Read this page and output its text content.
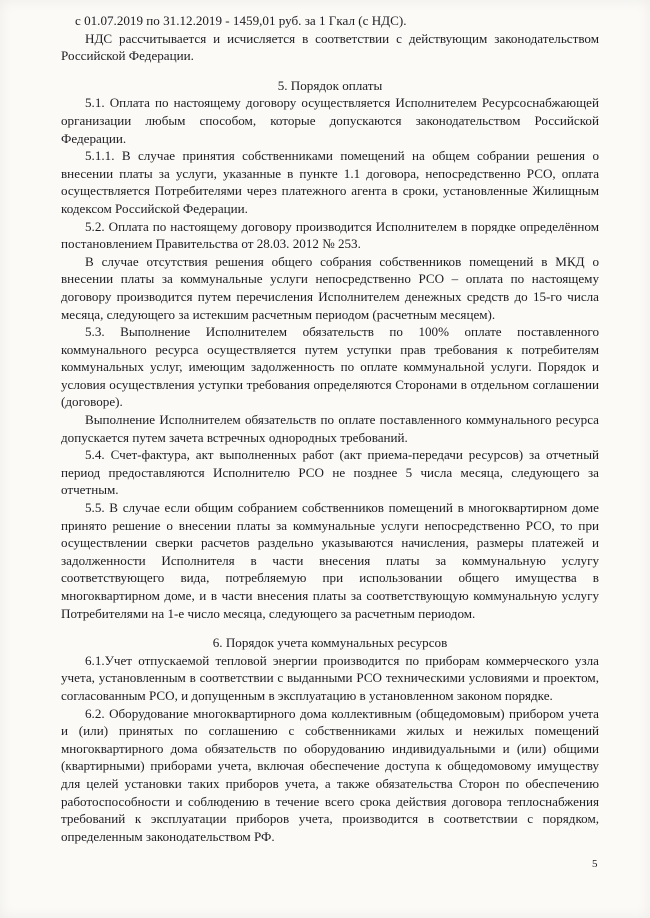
с 01.07.2019 по 31.12.2019 - 1459,01 руб. за 1 Гкал (с НДС).

НДС рассчитывается и исчисляется в соответствии с действующим законодательством Российской Федерации.

5. Порядок оплаты

5.1. Оплата по настоящему договору осуществляется Исполнителем Ресурсоснабжающей организации любым способом, которые допускаются законодательством Российской Федерации.

5.1.1. В случае принятия собственниками помещений на общем собрании решения о внесении платы за услуги, указанные в пункте 1.1 договора, непосредственно РСО, оплата осуществляется Потребителями через платежного агента в сроки, установленные Жилищным кодексом Российской Федерации.

5.2. Оплата по настоящему договору производится Исполнителем в порядке определённом постановлением Правительства от 28.03. 2012 № 253.

В случае отсутствия решения общего собрания собственников помещений в МКД о внесении платы за коммунальные услуги непосредственно РСО – оплата по настоящему договору производится путем перечисления Исполнителем денежных средств до 15-го числа месяца, следующего за истекшим расчетным периодом (расчетным месяцем).

5.3. Выполнение Исполнителем обязательств по 100% оплате поставленного коммунального ресурса осуществляется путем уступки прав требования к потребителям коммунальных услуг, имеющим задолженность по оплате коммунальной услуги. Порядок и условия осуществления уступки требования определяются Сторонами в отдельном соглашении (договоре).

Выполнение Исполнителем обязательств по оплате поставленного коммунального ресурса допускается путем зачета встречных однородных требований.

5.4. Счет-фактура, акт выполненных работ (акт приема-передачи ресурсов) за отчетный период предоставляются Исполнителю РСО не позднее 5 числа месяца, следующего за отчетным.

5.5. В случае если общим собранием собственников помещений в многоквартирном доме принято решение о внесении платы за коммунальные услуги непосредственно РСО, то при осуществлении сверки расчетов раздельно указываются начисления, размеры платежей и задолженности Исполнителя в части внесения платы за коммунальную услугу соответствующего вида, потребляемую при использовании общего имущества в многоквартирном доме, и в части внесения платы за соответствующую коммунальную услугу Потребителями на 1-е число месяца, следующего за расчетным периодом.

6. Порядок учета коммунальных ресурсов

6.1.Учет отпускаемой тепловой энергии производится по приборам коммерческого узла учета, установленным в соответствии с выданными РСО техническими условиями и проектом, согласованным РСО, и допущенным в эксплуатацию в установленном законом порядке.

6.2. Оборудование многоквартирного дома коллективным (общедомовым) прибором учета и (или) принятых по соглашению с собственниками жилых и нежилых помещений многоквартирного дома обязательств по оборудованию индивидуальными и (или) общими (квартирными) приборами учета, включая обеспечение доступа к общедомовому имуществу для целей установки таких приборов учета, а также обязательства Сторон по обеспечению работоспособности и соблюдению в течение всего срока действия договора теплоснабжения требований к эксплуатации приборов учета, производится в соответствии с порядком, определенным законодательством РФ.

5
